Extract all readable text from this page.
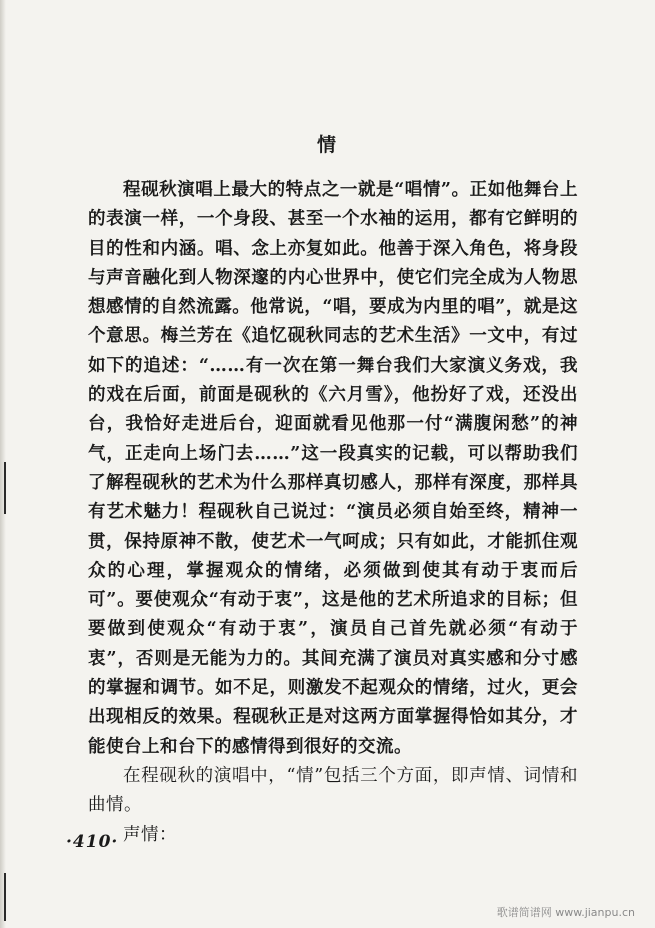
情

程砚秋演唱上最大的特点之一就是“唱情”。正如他舞台上的表演一样，一个身段、甚至一个水袖的运用，都有它鲜明的目的性和内涵。唱、念上亦复如此。他善于深入角色，将身段与声音融化到人物深邃的内心世界中，使它们完全成为人物思想感情的自然流露。他常说，“唱，要成为内里的唱”，就是这个意思。梅兰芳在《追忆砚秋同志的艺术生活》一文中，有过如下的追述：“……有一次在第一舞台我们大家演义务戏，我的戏在后面，前面是砚秋的《六月雪》，他扮好了戏，还没出台，我恰好走进后台，迎面就看见他那一付“满腹闲愁”的神气，正走向上场门去……”这一段真实的记载，可以帮助我们了解程砚秋的艺术为什么那样真切感人，那样有深度，那样具有艺术魅力！程砚秋自己说过：“演员必须自始至终，精神一贯，保持原神不散，使艺术一气呵成；只有如此，才能抓住观众的心理，掌握观众的情绪，必须做到使其有动于衷而后可”。要使观众“有动于衷”，这是他的艺术所追求的目标；但要做到使观众“有动于衷”，演员自己首先就必须“有动于衷”，否则是无能为力的。其间充满了演员对真实感和分寸感的掌握和调节。如不足，则激发不起观众的情绪，过火，更会出现相反的效果。程砚秋正是对这两方面掌握得恰如其分，才能使台上和台下的感情得到很好的交流。

在程砚秋的演唱中，“情”包括三个方面，即声情、词情和曲情。

声情：

·410·
歌谱简谱网 www.jianpu.cn
